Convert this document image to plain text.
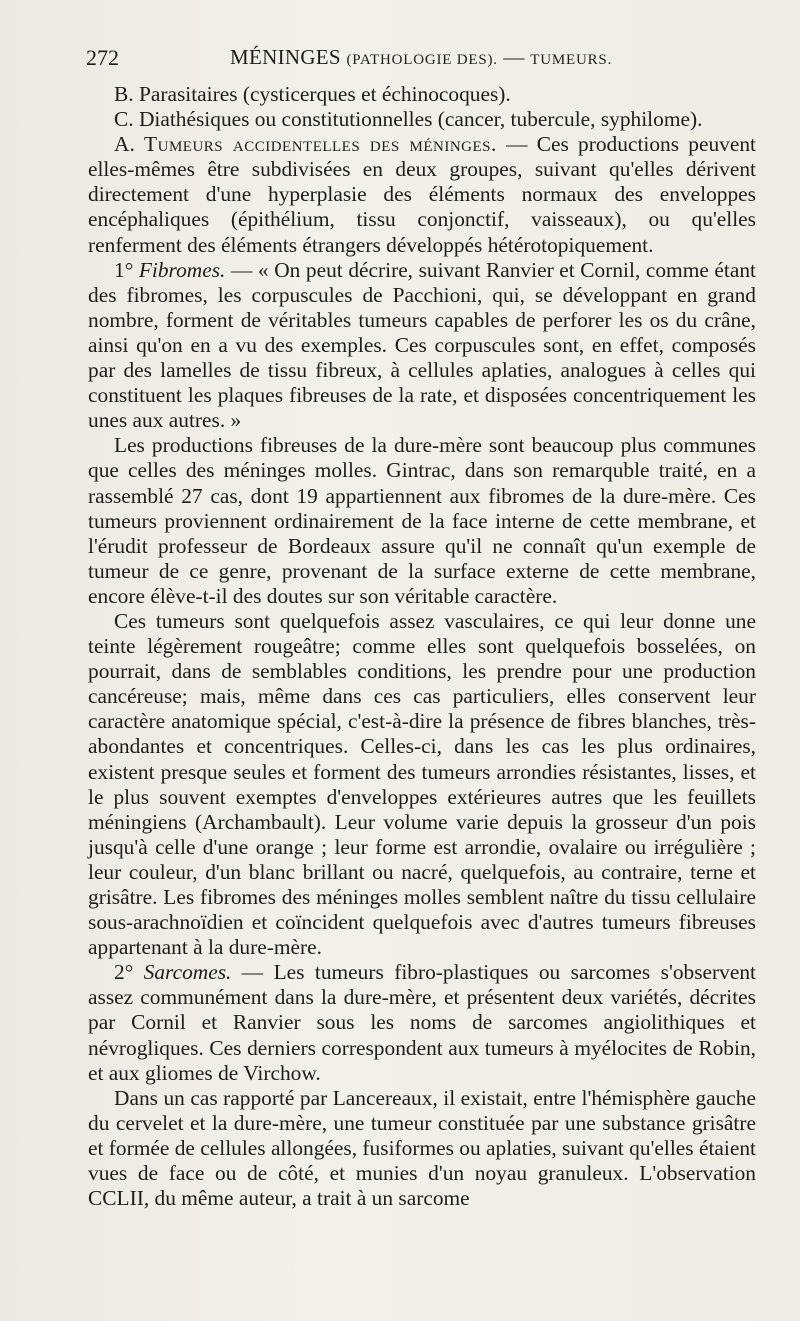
272	MÉNINGES (PATHOLOGIE DES). — TUMEURS.

B. Parasitaires (cysticerques et échinocoques).

C. Diathésiques ou constitutionnelles (cancer, tubercule, syphilome).

A. Tumeurs accidentelles des méninges. — Ces productions peuvent elles-mêmes être subdivisées en deux groupes, suivant qu'elles dérivent directement d'une hyperplasie des éléments normaux des enveloppes encéphaliques (épithélium, tissu conjonctif, vaisseaux), ou qu'elles renferment des éléments étrangers développés hétérotopiquement.

1° Fibromes. — « On peut décrire, suivant Ranvier et Cornil, comme étant des fibromes, les corpuscules de Pacchioni, qui, se développant en grand nombre, forment de véritables tumeurs capables de perforer les os du crâne, ainsi qu'on en a vu des exemples. Ces corpuscules sont, en effet, composés par des lamelles de tissu fibreux, à cellules aplaties, analogues à celles qui constituent les plaques fibreuses de la rate, et disposées concentriquement les unes aux autres. »

Les productions fibreuses de la dure-mère sont beaucoup plus communes que celles des méninges molles. Gintrac, dans son remarquble traité, en a rassemblé 27 cas, dont 19 appartiennent aux fibromes de la dure-mère. Ces tumeurs proviennent ordinairement de la face interne de cette membrane, et l'érudit professeur de Bordeaux assure qu'il ne connaît qu'un exemple de tumeur de ce genre, provenant de la surface externe de cette membrane, encore élève-t-il des doutes sur son véritable caractère.

Ces tumeurs sont quelquefois assez vasculaires, ce qui leur donne une teinte légèrement rougeâtre; comme elles sont quelquefois bosselées, on pourrait, dans de semblables conditions, les prendre pour une production cancéreuse; mais, même dans ces cas particuliers, elles conservent leur caractère anatomique spécial, c'est-à-dire la présence de fibres blanches, très-abondantes et concentriques. Celles-ci, dans les cas les plus ordinaires, existent presque seules et forment des tumeurs arrondies résistantes, lisses, et le plus souvent exemptes d'enveloppes extérieures autres que les feuillets méningiens (Archambault). Leur volume varie depuis la grosseur d'un pois jusqu'à celle d'une orange ; leur forme est arrondie, ovalaire ou irrégulière ; leur couleur, d'un blanc brillant ou nacré, quelquefois, au contraire, terne et grisâtre. Les fibromes des méninges molles semblent naître du tissu cellulaire sous-arachnoïdien et coïncident quelquefois avec d'autres tumeurs fibreuses appartenant à la dure-mère.

2° Sarcomes. — Les tumeurs fibro-plastiques ou sarcomes s'observent assez communément dans la dure-mère, et présentent deux variétés, décrites par Cornil et Ranvier sous les noms de sarcomes angiolithiques et névrogliques. Ces derniers correspondent aux tumeurs à myélocites de Robin, et aux gliomes de Virchow.

Dans un cas rapporté par Lancereaux, il existait, entre l'hémisphère gauche du cervelet et la dure-mère, une tumeur constituée par une substance grisâtre et formée de cellules allongées, fusiformes ou aplaties, suivant qu'elles étaient vues de face ou de côté, et munies d'un noyau granuleux. L'observation CCLII, du même auteur, a trait à un sarcome
